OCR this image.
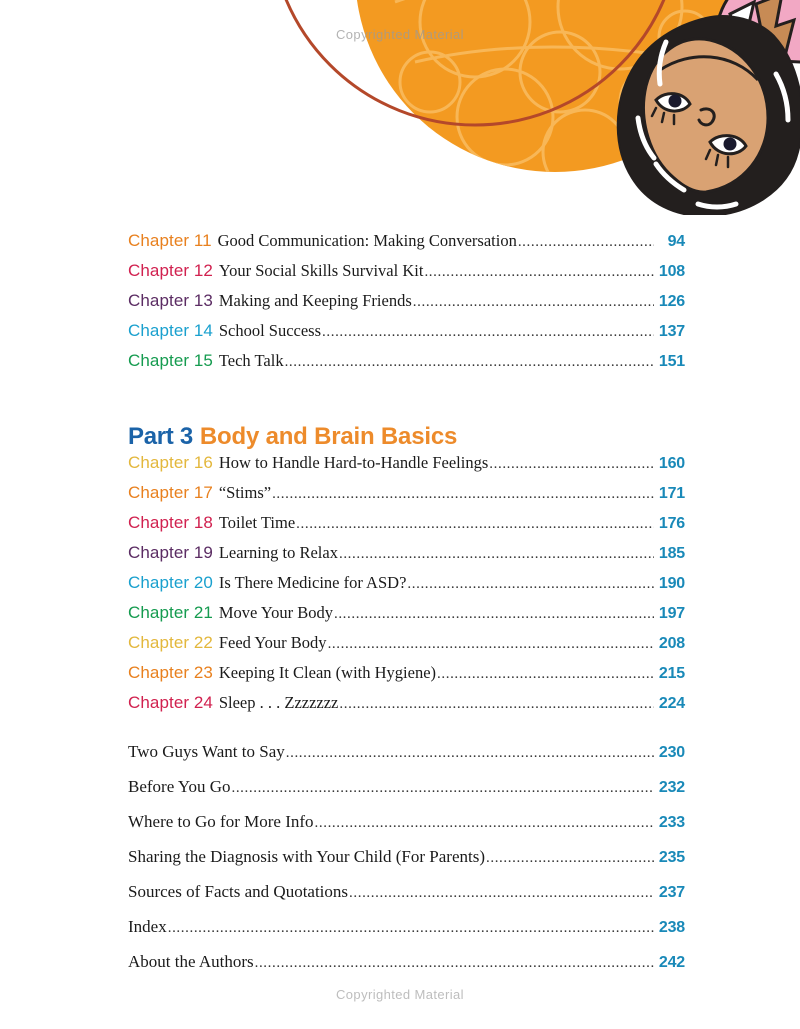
Copyrighted Material
Copyrighted Material
Chapter 11 Good Communication: Making Conversation .....	94
Chapter 12 Your Social Skills Survival Kit .....	108
Chapter 13 Making and Keeping Friends .....	126
Chapter 14 School Success .....	137
Chapter 15 Tech Talk .....	151
Part 3 Body and Brain Basics
Chapter 16 How to Handle Hard-to-Handle Feelings .....	160
Chapter 17 “Stims” .....	171
Chapter 18 Toilet Time .....	176
Chapter 19 Learning to Relax .....	185
Chapter 20 Is There Medicine for ASD? .....	190
Chapter 21 Move Your Body .....	197
Chapter 22 Feed Your Body .....	208
Chapter 23 Keeping It Clean (with Hygiene) .....	215
Chapter 24 Sleep . . . Zzzzzzz .....	224
Two Guys Want to Say .....	230
Before You Go .....	232
Where to Go for More Info .....	233
Sharing the Diagnosis with Your Child (For Parents) .....	235
Sources of Facts and Quotations .....	237
Index .....	238
About the Authors .....	242
